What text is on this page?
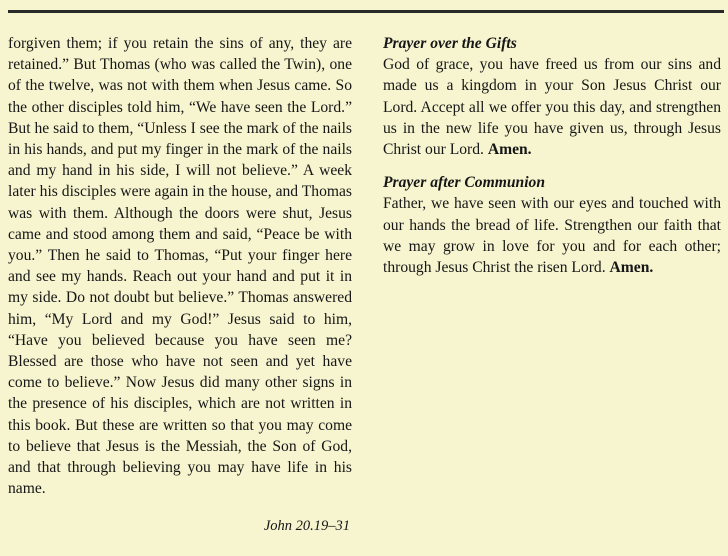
forgiven them; if you retain the sins of any, they are retained.” But Thomas (who was called the Twin), one of the twelve, was not with them when Jesus came. So the other disciples told him, “We have seen the Lord.” But he said to them, “Unless I see the mark of the nails in his hands, and put my finger in the mark of the nails and my hand in his side, I will not believe.” A week later his disciples were again in the house, and Thomas was with them. Although the doors were shut, Jesus came and stood among them and said, “Peace be with you.” Then he said to Thomas, “Put your finger here and see my hands. Reach out your hand and put it in my side. Do not doubt but believe.” Thomas answered him, “My Lord and my God!” Jesus said to him, “Have you believed because you have seen me? Blessed are those who have not seen and yet have come to believe.” Now Jesus did many other signs in the presence of his disciples, which are not written in this book. But these are written so that you may come to believe that Jesus is the Messiah, the Son of God, and that through believing you may have life in his name.

John 20.19–31

Prayer over the Gifts

God of grace, you have freed us from our sins and made us a kingdom in your Son Jesus Christ our Lord. Accept all we offer you this day, and strengthen us in the new life you have given us, through Jesus Christ our Lord. Amen.

Prayer after Communion

Father, we have seen with our eyes and touched with our hands the bread of life. Strengthen our faith that we may grow in love for you and for each other; through Jesus Christ the risen Lord. Amen.
